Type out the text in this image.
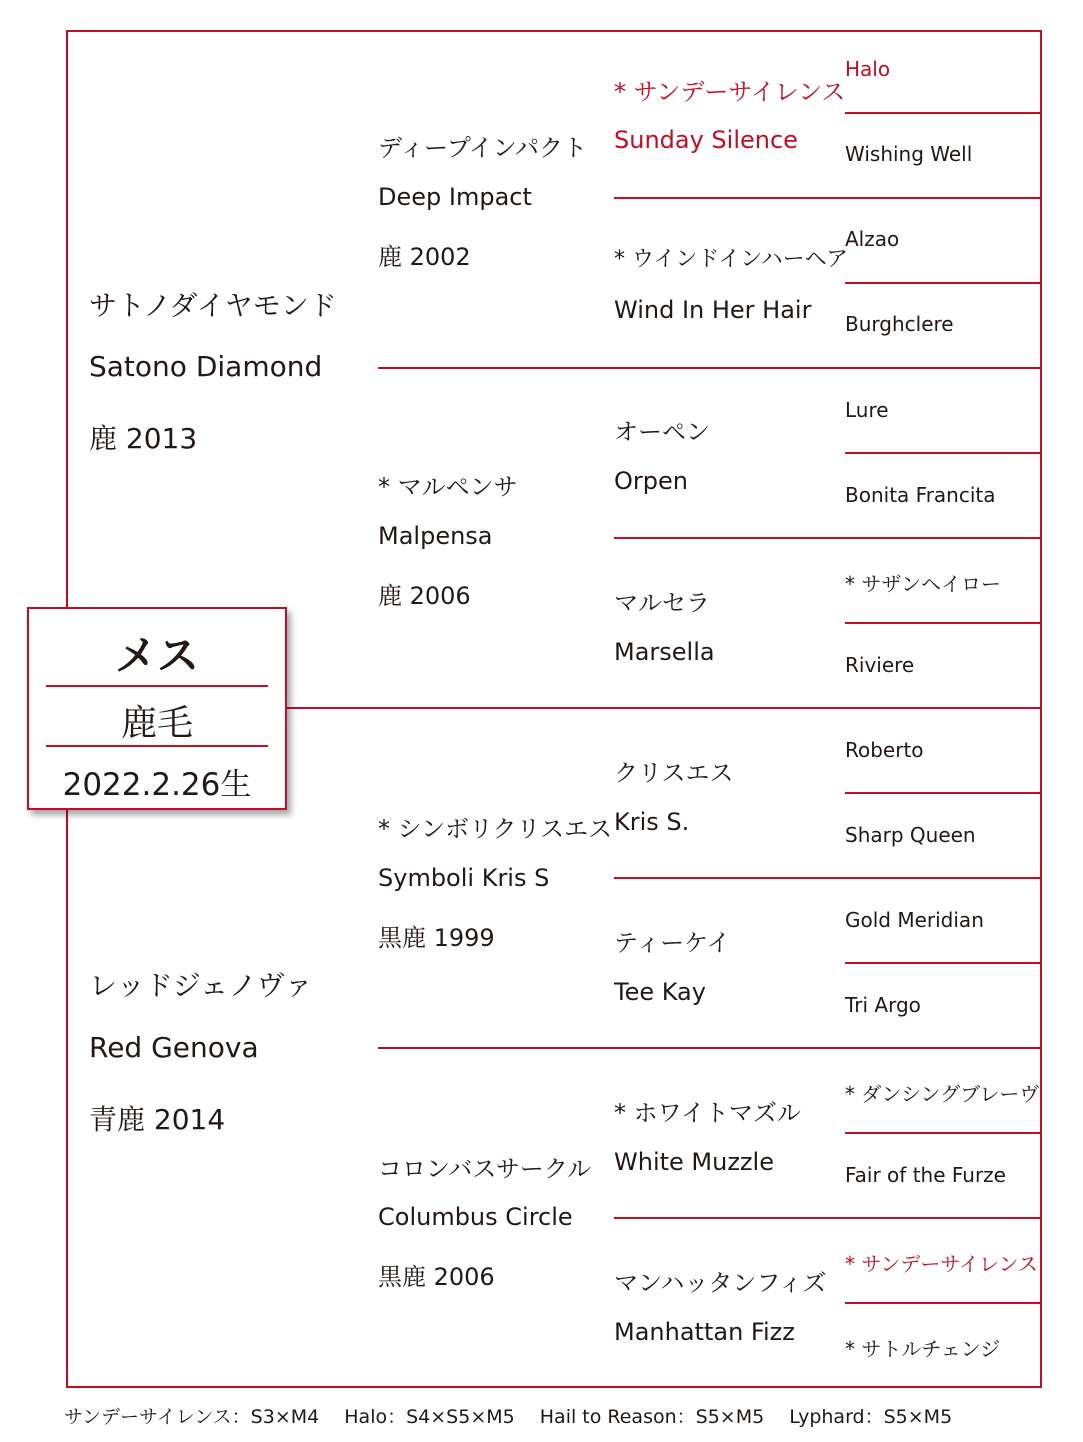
サトノダイヤモンド
Satono Diamond
鹿 2013
レッドジェノヴァ
Red Genova
青鹿 2014
ディープインパクト
Deep Impact
鹿 2002
* マルペンサ
Malpensa
鹿 2006
* シンボリクリスエス
Symboli Kris S
黒鹿 1999
コロンバスサークル
Columbus Circle
黒鹿 2006
* サンデーサイレンス
Sunday Silence
* ウインドインハーヘア
Wind In Her Hair
オーペン
Orpen
マルセラ
Marsella
クリスエス
Kris S.
ティーケイ
Tee Kay
* ホワイトマズル
White Muzzle
マンハッタンフィズ
Manhattan Fizz
Halo
Wishing Well
Alzao
Burghclere
Lure
Bonita Francita
* サザンヘイロー
Riviere
Roberto
Sharp Queen
Gold Meridian
Tri Argo
* ダンシングブレーヴ
Fair of the Furze
* サンデーサイレンス
* サトルチェンジ
メス
鹿毛
2022.2.26生
サンデーサイレンス：S3×M4　 Halo：S4×S5×M5　 Hail to Reason：S5×M5　 Lyphard：S5×M5
